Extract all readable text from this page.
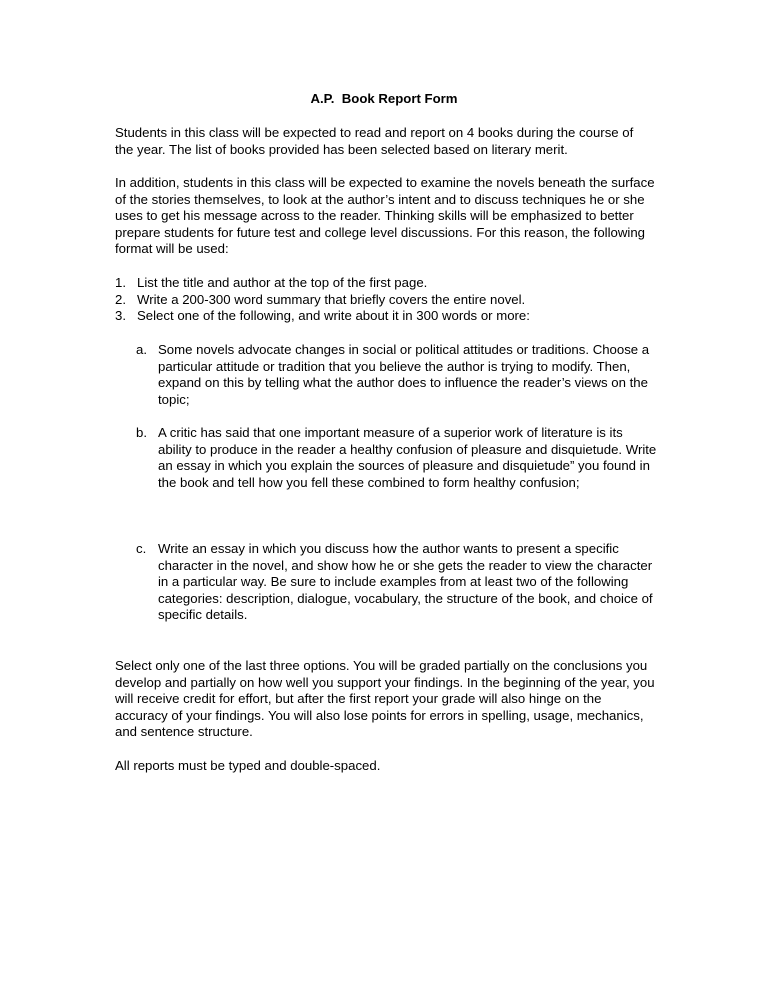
A.P.  Book Report Form

Students in this class will be expected to read and report on 4 books during the course of the year. The list of books provided has been selected based on literary merit.

In addition, students in this class will be expected to examine the novels beneath the surface of the stories themselves, to look at the author’s intent and to discuss techniques he or she uses to get his message across to the reader. Thinking skills will be emphasized to better prepare students for future test and college level discussions. For this reason, the following format will be used:

1. List the title and author at the top of the first page.
2. Write a 200-300 word summary that briefly covers the entire novel.
3. Select one of the following, and write about it in 300 words or more:
a. Some novels advocate changes in social or political attitudes or traditions. Choose a particular attitude or tradition that you believe the author is trying to modify. Then, expand on this by telling what the author does to influence the reader’s views on the topic;
b. A critic has said that one important measure of a superior work of literature is its ability to produce in the reader a healthy confusion of pleasure and disquietude. Write an essay in which you explain the sources of pleasure and disquietude” you found in the book and tell how you fell these combined to form healthy confusion;
c. Write an essay in which you discuss how the author wants to present a specific character in the novel, and show how he or she gets the reader to view the character in a particular way. Be sure to include examples from at least two of the following categories: description, dialogue, vocabulary, the structure of the book, and choice of specific details.

Select only one of the last three options. You will be graded partially on the conclusions you develop and partially on how well you support your findings. In the beginning of the year, you will receive credit for effort, but after the first report your grade will also hinge on the accuracy of your findings. You will also lose points for errors in spelling, usage, mechanics, and sentence structure.

All reports must be typed and double-spaced.
